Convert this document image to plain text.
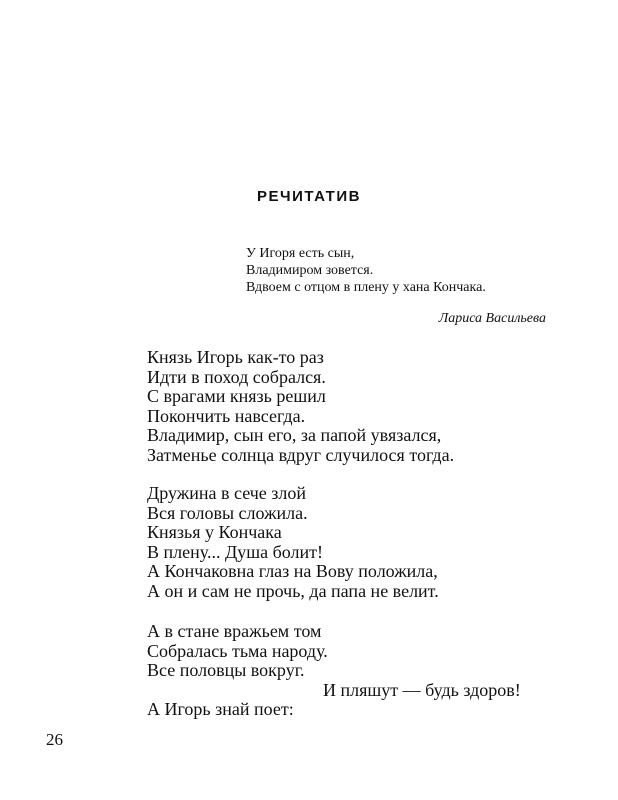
РЕЧИТАТИВ
У Игоря есть сын,
Владимиром зовется.
Вдвоем с отцом в плену у хана Кончака.
Лариса Васильева
Князь Игорь как-то раз
Идти в поход собрался.
С врагами князь решил
Покончить навсегда.
Владимир, сын его, за папой увязался,
Затменье солнца вдруг случилося тогда.
Дружина в сече злой
Вся головы сложила.
Князья у Кончака
В плену... Душа болит!
А Кончаковна глаз на Вову положила,
А он и сам не прочь, да папа не велит.
А в стане вражьем том
Собралась тьма народу.
Все половцы вокруг.
И пляшут — будь здоров!
А Игорь знай поет:
26
